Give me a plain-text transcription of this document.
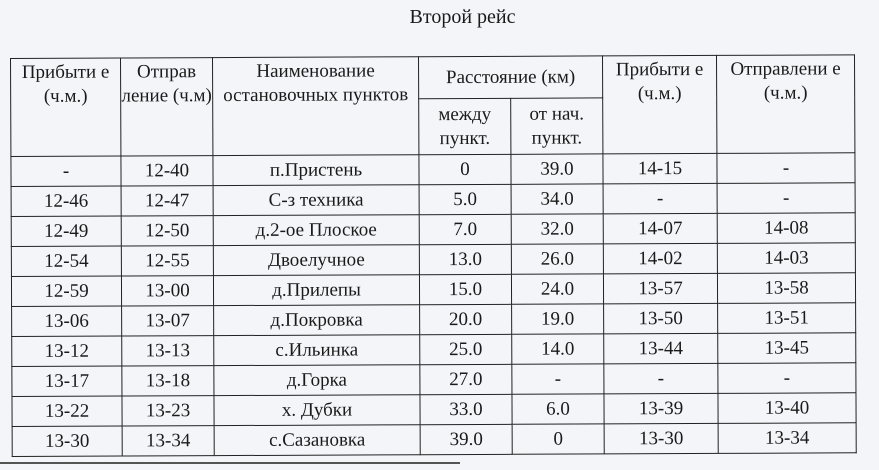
Второй рейс
Прибыти е (ч.м.)	Отправ ление (ч.м)	Наименование остановочных пунктов	Расстояние (км)		Прибыти е (ч.м.)	Отправлени е (ч.м.)
			между пункт.	от нач. пункт.		
-	12-40	п.Пристень	0	39.0	14-15	-
12-46	12-47	С-з техника	5.0	34.0	-	-
12-49	12-50	д.2-ое Плоское	7.0	32.0	14-07	14-08
12-54	12-55	Двоелучное	13.0	26.0	14-02	14-03
12-59	13-00	д.Прилепы	15.0	24.0	13-57	13-58
13-06	13-07	д.Покровка	20.0	19.0	13-50	13-51
13-12	13-13	с.Ильинка	25.0	14.0	13-44	13-45
13-17	13-18	д.Горка	27.0	-	-	-
13-22	13-23	х. Дубки	33.0	6.0	13-39	13-40
13-30	13-34	с.Сазановка	39.0	0	13-30	13-34
